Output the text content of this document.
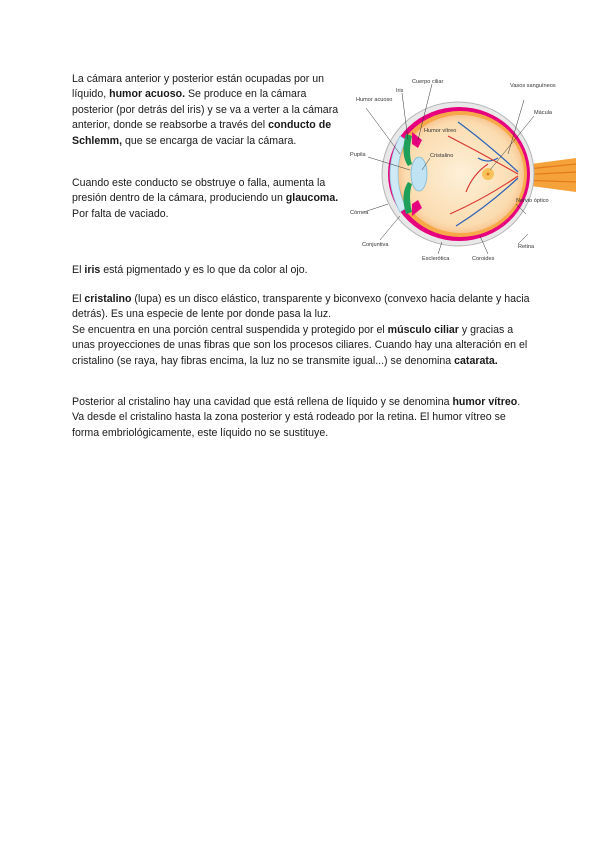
La cámara anterior y posterior están ocupadas por un líquido, humor acuoso. Se produce en la cámara posterior (por detrás del iris) y se va a verter a la cámara anterior, donde se reabsorbe a través del conducto de Schlemm, que se encarga de vaciar la cámara.

Cuando este conducto se obstruye o falla, aumenta la presión dentro de la cámara, produciendo un glaucoma. Por falta de vaciado.

El iris está pigmentado y es lo que da color al ojo.

El cristalino (lupa) es un disco elástico, transparente y biconvexo (convexo hacia delante y hacia detrás). Es una especie de lente por donde pasa la luz.
Se encuentra en una porción central suspendida y protegido por el músculo ciliar y gracias a unas proyecciones de unas fibras que son los procesos ciliares. Cuando hay una alteración en el cristalino (se raya, hay fibras encima, la luz no se transmite igual...) se denomina catarata.

Posterior al cristalino hay una cavidad que está rellena de líquido y se denomina humor vítreo. Va desde el cristalino hasta la zona posterior y está rodeado por la retina. El humor vítreo se forma embriológicamente, este líquido no se sustituye.

Cuerpo ciliar
Iris
Humor acuoso
Vasos sanguíneos
Mácula
Humor vítreo
Pupila	Cristalino
Córnea
Conjuntiva
Nervio óptico
Retina
Esclerótica	Coroides
